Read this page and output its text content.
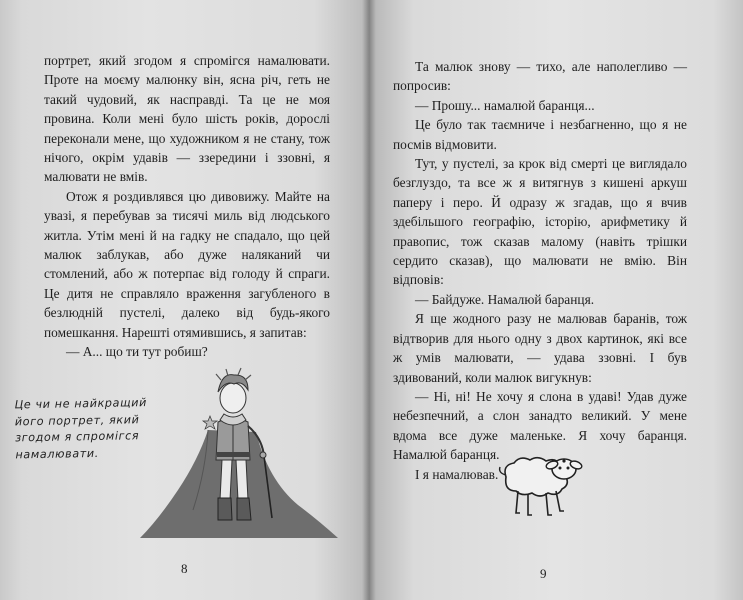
портрет, який згодом я спромігся намалювати. Проте на моєму малюнку він, ясна річ, геть не такий чудовий, як насправді. Та це не моя провина. Коли мені було шість років, дорослі переконали мене, що художником я не стану, тож нічого, окрім удавів — ззередини і ззовні, я малювати не вмів.

Отож я роздивлявся цю дивовижу. Майте на увазі, я перебував за тисячі миль від людського житла. Утім мені й на гадку не спадало, що цей малюк заблукав, або дуже наляканий чи стомлений, або ж потерпає від голоду й спраги. Це дитя не справляло враження загубленого в безлюдній пустелі, далеко від будь-якого помешкання. Нарешті отямившись, я запитав:

— А... що ти тут робиш?

Це чи не найкращий
його портрет, який
згодом я спромігся
намалювати.
8

Та малюк знову — тихо, але наполегливо — попросив:

— Прошу... намалюй баранця...

Це було так таємниче і незбагненно, що я не посмів відмовити.

Тут, у пустелі, за крок від смерті це виглядало безглуздо, та все ж я витягнув з кишені аркуш паперу і перо. Й одразу ж згадав, що я вчив здебільшого географію, історію, арифметику й правопис, тож сказав малому (навіть трішки сердито сказав), що малювати не вмію. Він відповів:

— Байдуже. Намалюй баранця.

Я ще жодного разу не малював баранів, тож відтворив для нього одну з двох картинок, які все ж умів малювати, — удава ззовні. І був здивований, коли малюк вигукнув:

— Ні, ні! Не хочу я слона в удаві! Удав дуже небезпечний, а слон занадто великий. У мене вдома все дуже маленьке. Я хочу баранця. Намалюй баранця.

І я намалював.

9
